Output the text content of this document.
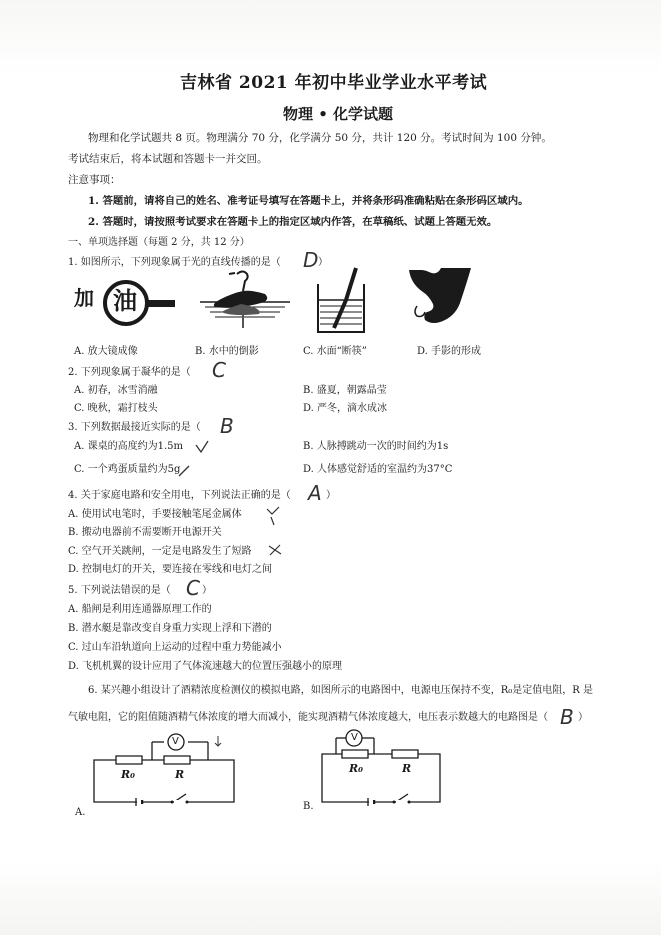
吉林省 2021 年初中毕业学业水平考试
物理 • 化学试题
物理和化学试题共 8 页。物理满分 70 分，化学满分 50 分，共计 120 分。考试时间为 100 分钟。
考试结束后，将本试题和答题卡一并交回。
注意事项：
1. 答题前，请将自己的姓名、准考证号填写在答题卡上，并将条形码准确粘贴在条形码区域内。
2. 答题时，请按照考试要求在答题卡上的指定区域内作答，在草稿纸、试题上答题无效。
一、单项选择题（每题 2 分，共 12 分）
1. 如图所示，下列现象属于光的直线传播的是（ D ）
加 油
A. 放大镜成像	B. 水中的倒影	C. 水面“断筷”	D. 手影的形成
2. 下列现象属于凝华的是（ C
A. 初春，冰雪消融	B. 盛夏，朝露晶莹
C. 晚秋，霜打枝头	D. 严冬，滴水成冰
3. 下列数据最接近实际的是（ B
A. 课桌的高度约为1.5m	B. 人脉搏跳动一次的时间约为1s
C. 一个鸡蛋质量约为5g	D. 人体感觉舒适的室温约为37°C
4. 关于家庭电路和安全用电，下列说法正确的是（ A ）
A. 使用试电笔时，手要接触笔尾金属体
B. 搬动电器前不需要断开电源开关
C. 空气开关跳闸，一定是电路发生了短路
D. 控制电灯的开关，要连接在零线和电灯之间
5. 下列说法错误的是（ C ）
A. 船闸是利用连通器原理工作的
B. 潜水艇是靠改变自身重力实现上浮和下潜的
C. 过山车沿轨道向上运动的过程中重力势能减小
D. 飞机机翼的设计应用了气体流速越大的位置压强越小的原理
6. 某兴趣小组设计了酒精浓度检测仪的模拟电路，如图所示的电路图中，电源电压保持不变，R₀是定值电阻，R 是
气敏电阻，它的阻值随酒精气体浓度的增大而减小，能实现酒精气体浓度越大，电压表示数越大的电路图是（ B ）
V
R₀	R
A.
V
R₀	R
B.
